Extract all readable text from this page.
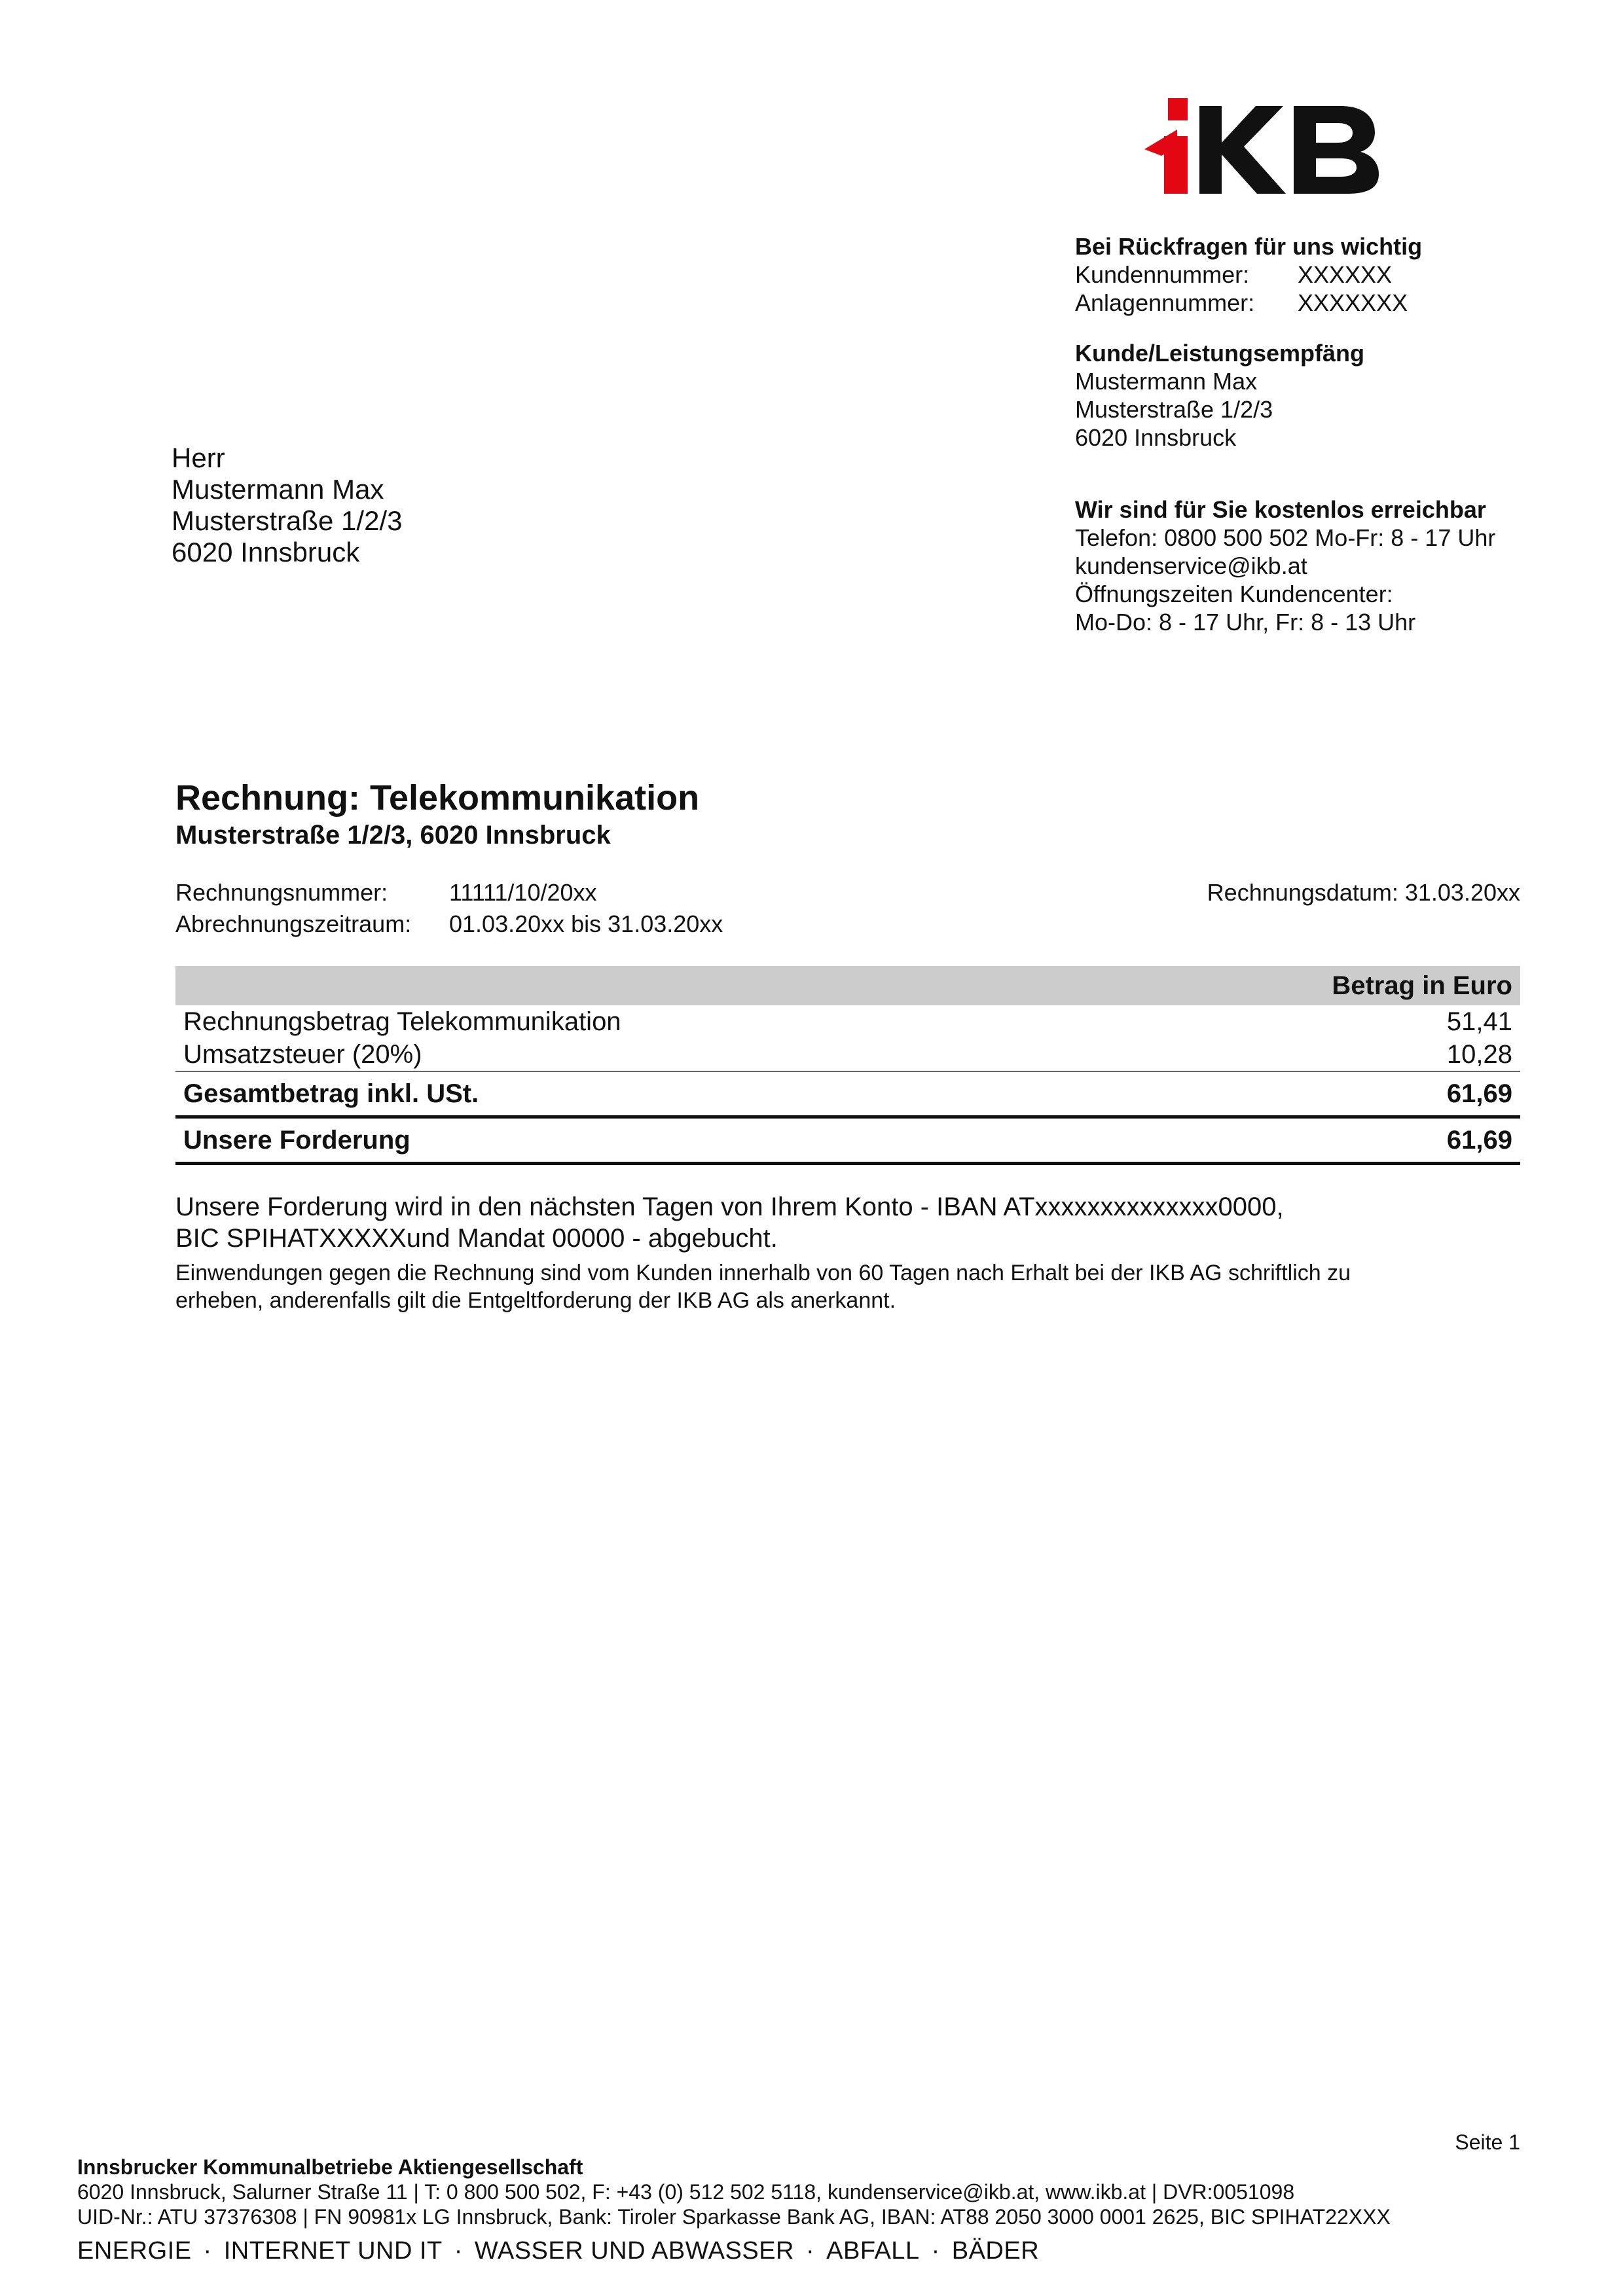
Bei Rückfragen für uns wichtig
Kundennummer:	XXXXXX
Anlagennummer:	XXXXXXX
Kunde/Leistungsempfäng
Mustermann Max
Musterstraße 1/2/3
6020 Innsbruck
Wir sind für Sie kostenlos erreichbar
Telefon: 0800 500 502 Mo-Fr: 8 - 17 Uhr
kundenservice@ikb.at
Öffnungszeiten Kundencenter:
Mo-Do: 8 - 17 Uhr, Fr: 8 - 13 Uhr
Herr
Mustermann Max
Musterstraße 1/2/3
6020 Innsbruck
Rechnung: Telekommunikation
Musterstraße 1/2/3, 6020 Innsbruck
Rechnungsnummer:	11111/10/20xx
Abrechnungszeitraum:	01.03.20xx bis 31.03.20xx
Rechnungsdatum: 31.03.20xx
Betrag in Euro
Rechnungsbetrag Telekommunikation	51,41
Umsatzsteuer (20%)	10,28
Gesamtbetrag inkl. USt.	61,69
Unsere Forderung	61,69
Unsere Forderung wird in den nächsten Tagen von Ihrem Konto - IBAN ATxxxxxxxxxxxxxx0000,
BIC SPIHATXXXXXund Mandat 00000 - abgebucht.
Einwendungen gegen die Rechnung sind vom Kunden innerhalb von 60 Tagen nach Erhalt bei der IKB AG schriftlich zu
erheben, anderenfalls gilt die Entgeltforderung der IKB AG als anerkannt.
Seite 1
Innsbrucker Kommunalbetriebe Aktiengesellschaft
6020 Innsbruck, Salurner Straße 11 | T: 0 800 500 502, F: +43 (0) 512 502 5118, kundenservice@ikb.at, www.ikb.at | DVR:0051098
UID-Nr.: ATU 37376308 | FN 90981x LG Innsbruck, Bank: Tiroler Sparkasse Bank AG, IBAN: AT88 2050 3000 0001 2625, BIC SPIHAT22XXX
ENERGIE · INTERNET UND IT · WASSER UND ABWASSER · ABFALL · BÄDER
